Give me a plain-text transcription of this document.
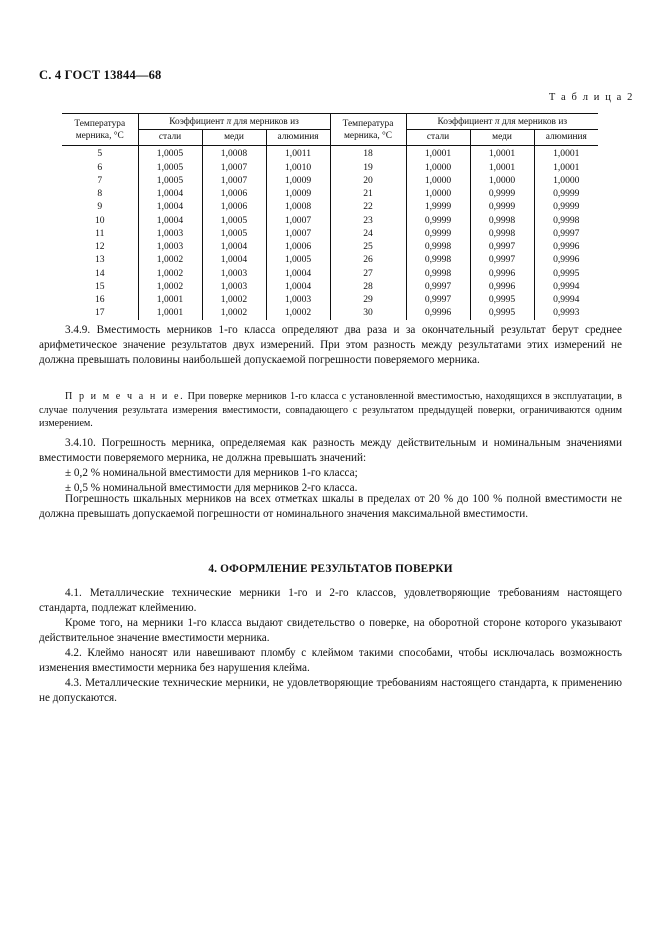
С. 4 ГОСТ 13844—68
Т а б л и ц а 2
Температура мерника, °С	Коэффициент π для мерников из			Температура мерника, °С	Коэффициент π для мерников из		
	стали	меди	алюминия		стали	меди	алюминия
5	1,0005	1,0008	1,0011	18	1,0001	1,0001	1,0001
6	1,0005	1,0007	1,0010	19	1,0000	1,0001	1,0001
7	1,0005	1,0007	1,0009	20	1,0000	1,0000	1,0000
8	1,0004	1,0006	1,0009	21	1,0000	0,9999	0,9999
9	1,0004	1,0006	1,0008	22	1,9999	0,9999	0,9999
10	1,0004	1,0005	1,0007	23	0,9999	0,9998	0,9998
11	1,0003	1,0005	1,0007	24	0,9999	0,9998	0,9997
12	1,0003	1,0004	1,0006	25	0,9998	0,9997	0,9996
13	1,0002	1,0004	1,0005	26	0,9998	0,9997	0,9996
14	1,0002	1,0003	1,0004	27	0,9998	0,9996	0,9995
15	1,0002	1,0003	1,0004	28	0,9997	0,9996	0,9994
16	1,0001	1,0002	1,0003	29	0,9997	0,9995	0,9994
17	1,0001	1,0002	1,0002	30	0,9996	0,9995	0,9993

3.4.9. Вместимость мерников 1-го класса определяют два раза и за окончательный результат берут среднее арифметическое значение результатов двух измерений. При этом разность между результатами этих измерений не должна превышать половины наибольшей допускаемой погрешности поверяемого мерника.

П р и м е ч а н и е. При поверке мерников 1-го класса с установленной вместимостью, находящихся в эксплуатации, в случае получения результата измерения вместимости, совпадающего с результатом предыдущей поверки, ограничиваются одним измерением.

3.4.10. Погрешность мерника, определяемая как разность между действительным и номинальным значениями вместимости поверяемого мерника, не должна превышать значений:

± 0,2 % номинальной вместимости для мерников 1-го класса;

± 0,5 % номинальной вместимости для мерников 2-го класса.

Погрешность шкальных мерников на всех отметках шкалы в пределах от 20 % до 100 % полной вместимости не должна превышать допускаемой погрешности от номинального значения максимальной вместимости.

4. ОФОРМЛЕНИЕ РЕЗУЛЬТАТОВ ПОВЕРКИ

4.1. Металлические технические мерники 1-го и 2-го классов, удовлетворяющие требованиям настоящего стандарта, подлежат клеймению.

Кроме того, на мерники 1-го класса выдают свидетельство о поверке, на оборотной стороне которого указывают действительное значение вместимости мерника.

4.2. Клеймо наносят или навешивают пломбу с клеймом такими способами, чтобы исключалась возможность изменения вместимости мерника без нарушения клейма.

4.3. Металлические технические мерники, не удовлетворяющие требованиям настоящего стандарта, к применению не допускаются.
